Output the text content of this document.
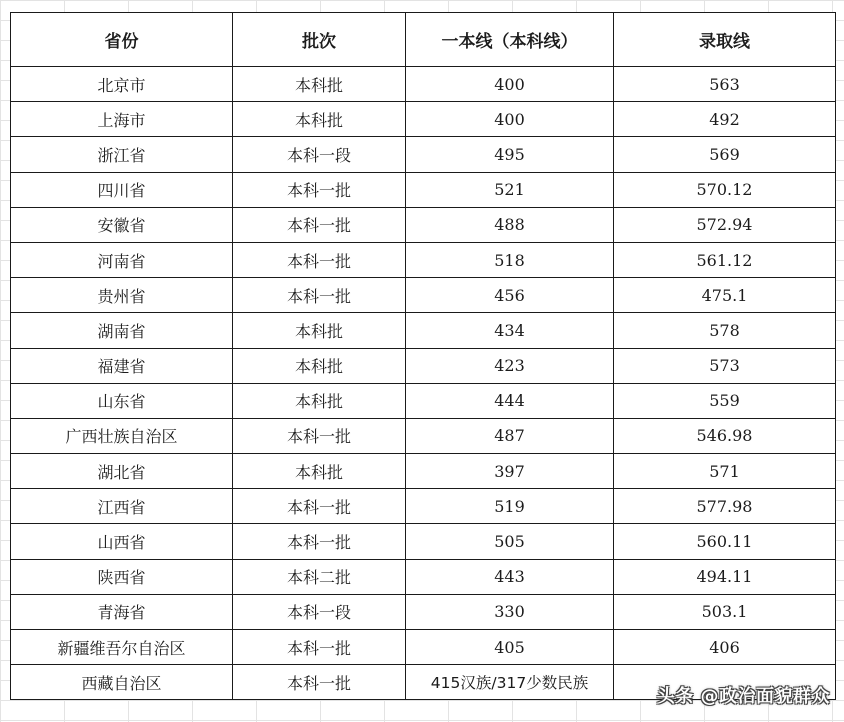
省份	批次	一本线（本科线）	录取线
北京市	本科批	400	563
上海市	本科批	400	492
浙江省	本科一段	495	569
四川省	本科一批	521	570.12
安徽省	本科一批	488	572.94
河南省	本科一批	518	561.12
贵州省	本科一批	456	475.1
湖南省	本科批	434	578
福建省	本科批	423	573
山东省	本科批	444	559
广西壮族自治区	本科一批	487	546.98
湖北省	本科批	397	571
江西省	本科一批	519	577.98
山西省	本科一批	505	560.11
陕西省	本科二批	443	494.11
青海省	本科一段	330	503.1
新疆维吾尔自治区	本科一批	405	406
西藏自治区	本科一批	415汉族/317少数民族	
头条 @政治面貌群众
